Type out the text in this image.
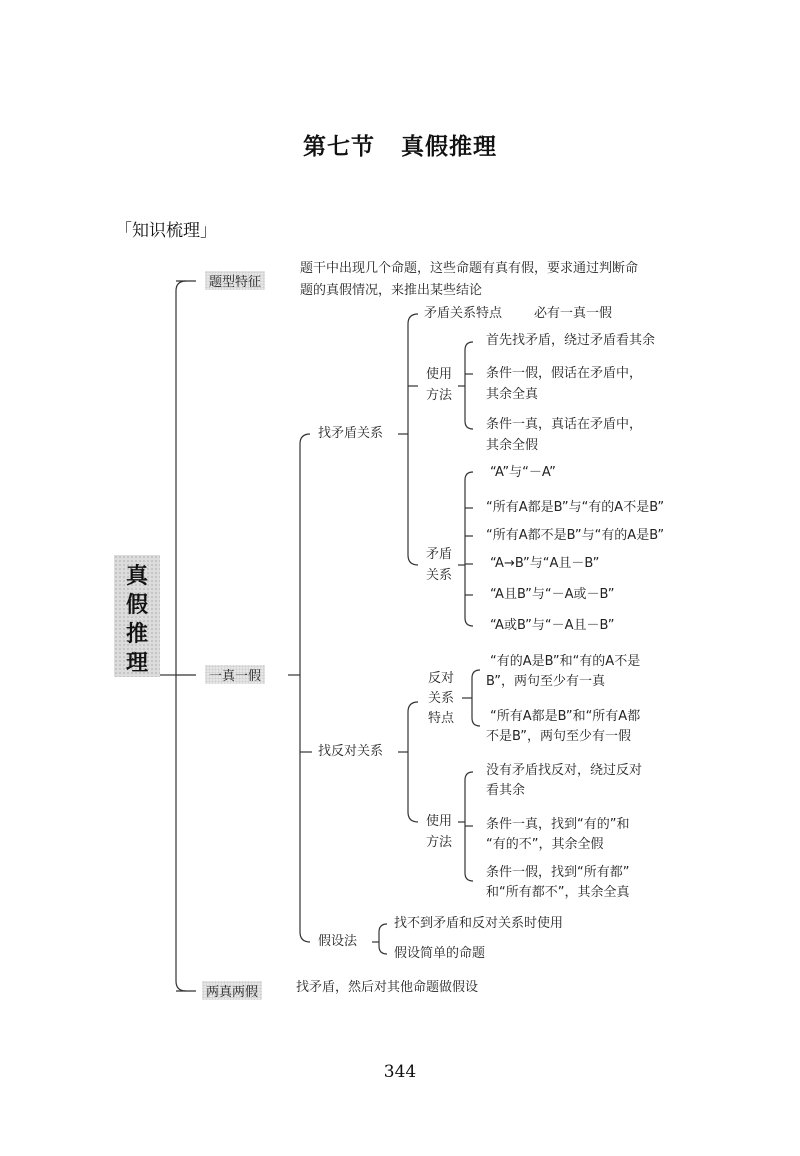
第七节 真假推理
「知识梳理」
真
假
推
理
题型特征
题干中出现几个命题，这些命题有真有假，要求通过判断命
题的真假情况，来推出某些结论
一真一假
找矛盾关系
矛盾关系特点 必有一真一假
使用
方法
首先找矛盾，绕过矛盾看其余
条件一假，假话在矛盾中，
其余全真
条件一真，真话在矛盾中，
其余全假
矛盾
关系
“A”与“－A”
“所有A都是B”与“有的A不是B”
“所有A都不是B”与“有的A是B”
“A→B”与“A且－B”
“A且B”与“－A或－B”
“A或B”与“－A且－B”
找反对关系
反对
关系
特点
“有的A是B”和“有的A不是
B”，两句至少有一真
“所有A都是B”和“所有A都
不是B”，两句至少有一假
使用
方法
没有矛盾找反对，绕过反对
看其余
条件一真，找到“有的”和
“有的不”，其余全假
条件一假，找到“所有都”
和“所有都不”，其余全真
假设法
找不到矛盾和反对关系时使用
假设简单的命题
两真两假	找矛盾，然后对其他命题做假设
344
